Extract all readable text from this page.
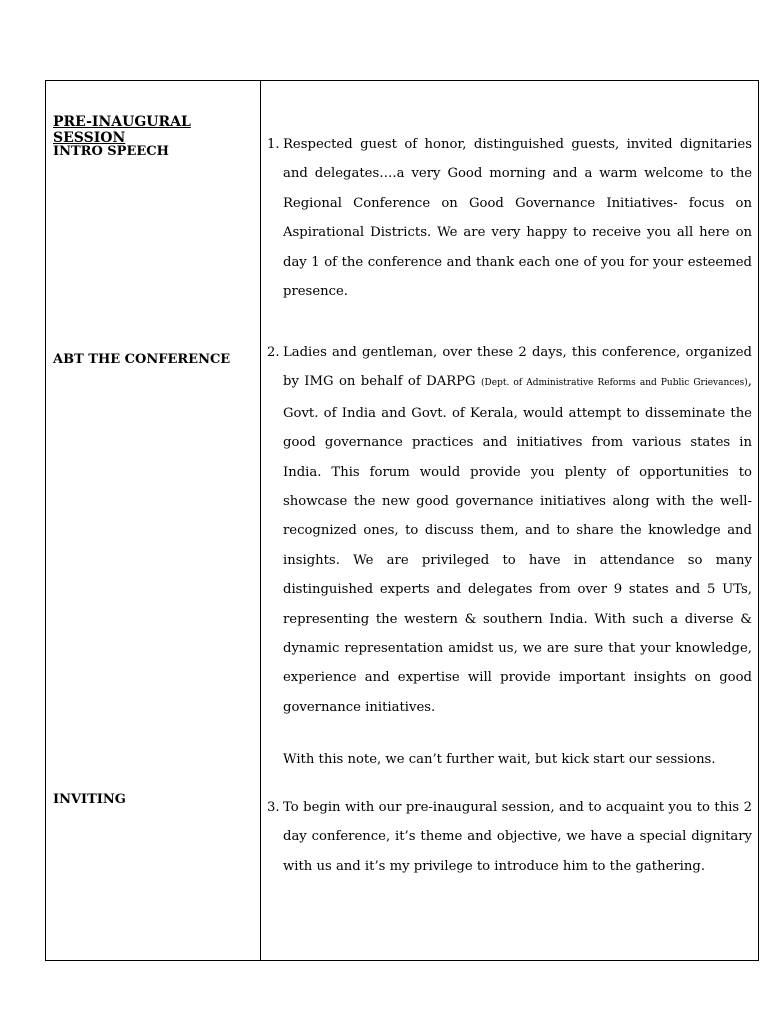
PRE-INAUGURAL SESSION
INTRO SPEECH
ABT THE CONFERENCE
INVITING
1. Respected guest of honor, distinguished guests, invited dignitaries and delegates….a very Good morning and a warm welcome to the Regional Conference on Good Governance Initiatives- focus on Aspirational Districts. We are very happy to receive you all here on day 1 of the conference and thank each one of you for your esteemed presence.
2. Ladies and gentleman, over these 2 days, this conference, organized by IMG on behalf of DARPG (Dept. of Administrative Reforms and Public Grievances), Govt. of India and Govt. of Kerala, would attempt to disseminate the good governance practices and initiatives from various states in India. This forum would provide you plenty of opportunities to showcase the new good governance initiatives along with the well-recognized ones, to discuss them, and to share the knowledge and insights. We are privileged to have in attendance so many distinguished experts and delegates from over 9 states and 5 UTs, representing the western & southern India. With such a diverse & dynamic representation amidst us, we are sure that your knowledge, experience and expertise will provide important insights on good governance initiatives.
With this note, we can’t further wait, but kick start our sessions.
3. To begin with our pre-inaugural session, and to acquaint you to this 2 day conference, it’s theme and objective, we have a special dignitary with us and it’s my privilege to introduce him to the gathering.
